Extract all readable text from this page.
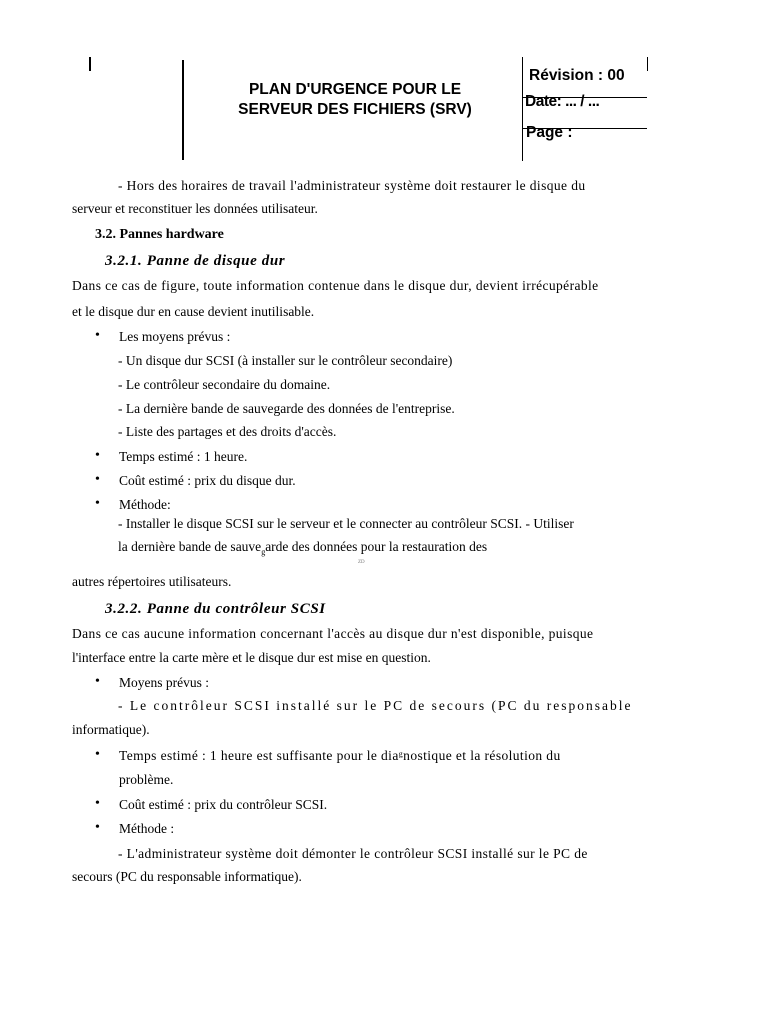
PLAN D'URGENCE POUR LE
SERVEUR DES FICHIERS (SRV)
Révision : 00
Date: ... / ...
Page :
- Hors des horaires de travail l'administrateur système doit restaurer le disque du
serveur et reconstituer les données utilisateur.
3.2. Pannes hardware
3.2.1. Panne de disque dur
Dans ce cas de figure, toute information contenue dans le disque dur, devient irrécupérable
et le disque dur en cause devient inutilisable.
• Les moyens prévus :
- Un disque dur SCSI (à installer sur le contrôleur secondaire)
- Le contrôleur secondaire du domaine.
- La dernière bande de sauvegarde des données de l'entreprise.
- Liste des partages et des droits d'accès.
• Temps estimé : 1 heure.
• Coût estimé : prix du disque dur.
• Méthode:
- Installer le disque SCSI sur le serveur et le connecter au contrôleur SCSI. - Utiliser
la dernière bande de sauve$_g$arde des données pour la restauration des
ZD
autres répertoires utilisateurs.
3.2.2. Panne du contrôleur SCSI
Dans ce cas aucune information concernant l'accès au disque dur n'est disponible, puisque
l'interface entre la carte mère et le disque dur est mise en question.
• Moyens prévus :
- Le contrôleur SCSI installé sur le PC de secours (PC du responsable
informatique).
• Temps estimé : 1 heure est suffisante pour le diaᵍnostique et la résolution du
problème.
• Coût estimé : prix du contrôleur SCSI.
• Méthode :
- L'administrateur système doit démonter le contrôleur SCSI installé sur le PC de
secours (PC du responsable informatique).
